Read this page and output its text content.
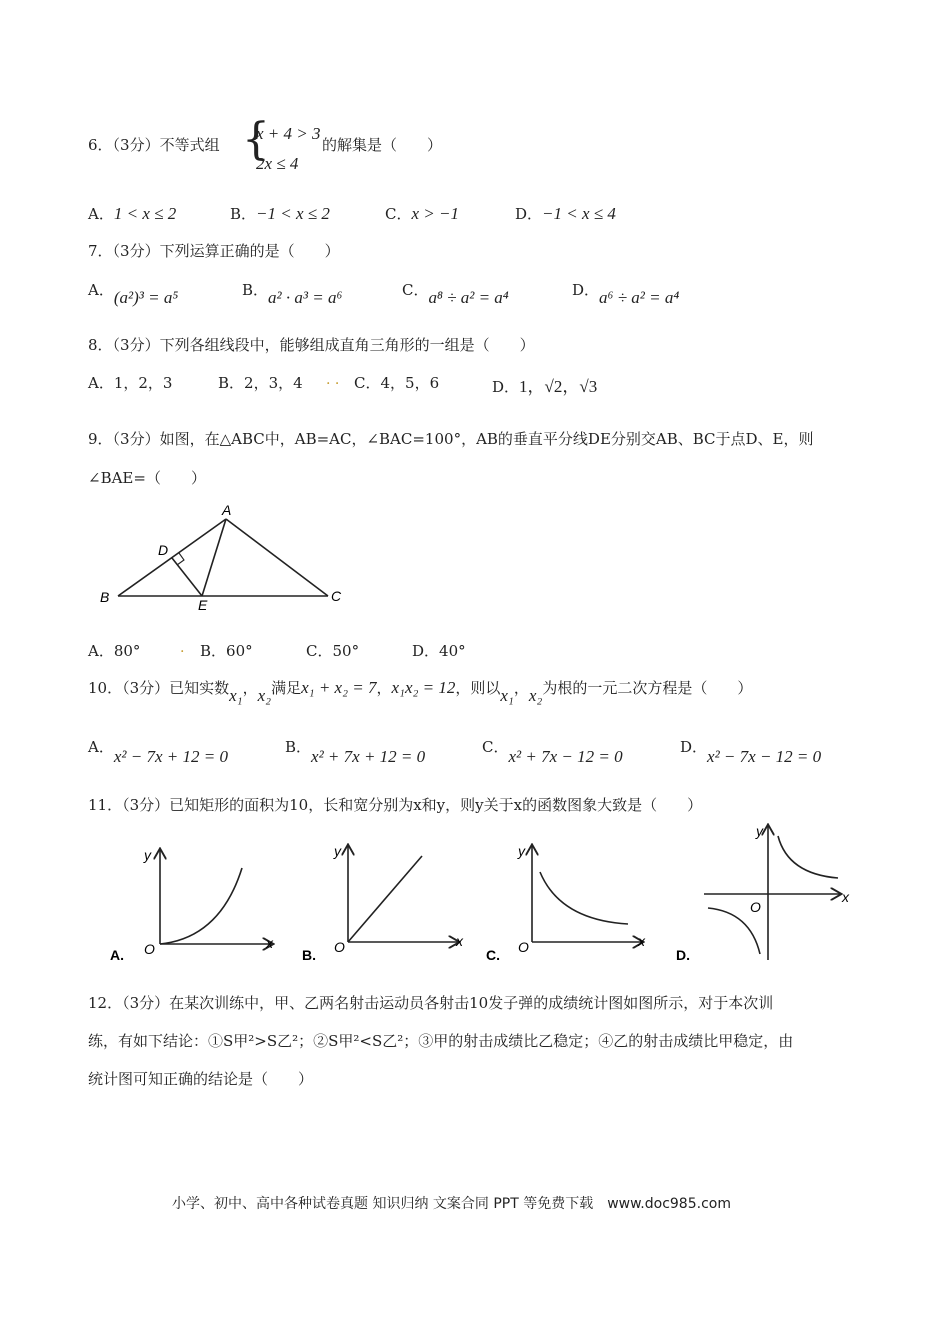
6．（3分）不等式组 {
x + 4 > 3
2x ≤ 4
的解集是（　　）
A．1 < x ≤ 2	B．−1 < x ≤ 2	C．x > −1	D．−1 < x ≤ 4
7．（3分）下列运算正确的是（　　）
A．(a²)³ = a⁵	B．a² · a³ = a⁶	C．a⁸ ÷ a² = a⁴	D．a⁶ ÷ a² = a⁴
8．（3分）下列各组线段中，能够组成直角三角形的一组是（　　）
A．1，2，3	B．2，3，4 . . C．4，5，6	D．1，√2，√3
9．（3分）如图，在△ABC中，AB=AC，∠BAC=100°，AB的垂直平分线DE分别交AB、BC于点D、E，则
∠BAE=（　　）
A
B	C
D
E
A．80°	. B．60°	C．50°	D．40°
10．（3分）已知实数x₁，x₂满足x₁ + x₂ = 7，x₁x₂ = 12，则以x₁，x₂为根的一元二次方程是（　　）
A．x² − 7x + 12 = 0	B．x² + 7x + 12 = 0	C．x² + 7x − 12 = 0	D．x² − 7x − 12 = 0
11．（3分）已知矩形的面积为10，长和宽分别为x和y，则y关于x的函数图象大致是（　　）
y
x
O
A.
y
x
O
B.
y
x
O
C.
y
x
O
D.
12．（3分）在某次训练中，甲、乙两名射击运动员各射击10发子弹的成绩统计图如图所示，对于本次训
练，有如下结论：①S甲²>S乙²；②S甲²<S乙²；③甲的射击成绩比乙稳定；④乙的射击成绩比甲稳定，由
统计图可知正确的结论是（　　）
小学、初中、高中各种试卷真题 知识归纳 文案合同 PPT 等免费下载　www.doc985.com
